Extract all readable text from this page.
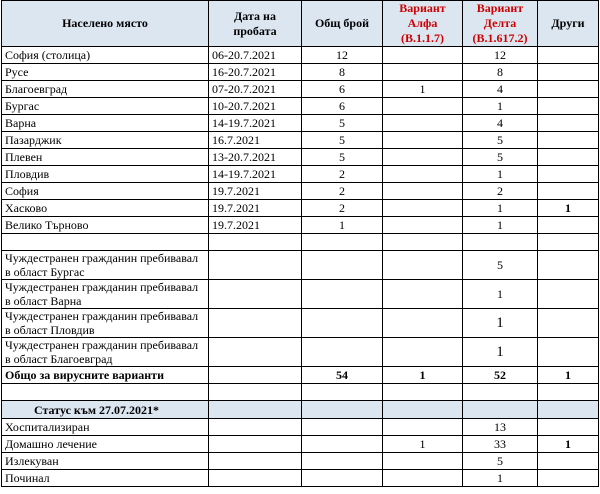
Населено място	Дата на пробата	Общ брой	Вариант Алфа (B.1.1.7)	Вариант Делта (B.1.617.2)	Други
София (столица)	06-20.7.2021	12		12	
Русе	16-20.7.2021	8		8	
Благоевград	07-20.7.2021	6	1	4	
Бургас	10-20.7.2021	6		1	
Варна	14-19.7.2021	5		4	
Пазарджик	16.7.2021	5		5	
Плевен	13-20.7.2021	5		5	
Пловдив	14-19.7.2021	2		1	
София	19.7.2021	2		2	
Хасково	19.7.2021	2		1	1
Велико Търново	19.7.2021	1		1	

Чуждестранен гражданин пребивавал в област Бургас				5	
Чуждестранен гражданин пребивавал в област Варна				1	
Чуждестранен гражданин пребивавал в област Пловдив				1	
Чуждестранен гражданин пребивавал в област Благоевград				1	
Общо за вирусните варианти		54	1	52	1

Статус към 27.07.2021*					
Хоспитализиран				13	
Домашно лечение			1	33	1
Излекуван				5	
Починал				1	
